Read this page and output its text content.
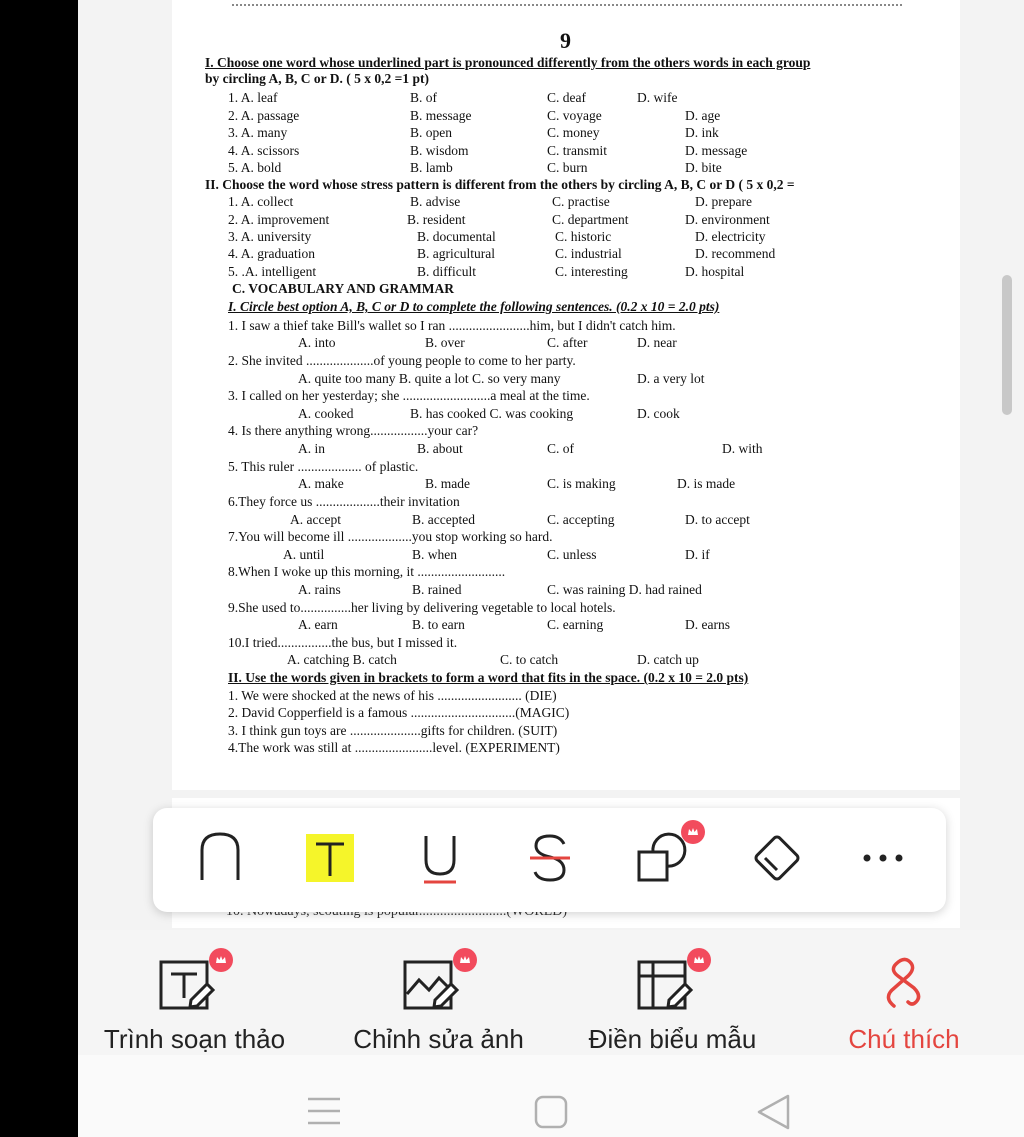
9
I. Choose one word whose underlined part is pronounced differently from the others words in each group
by circling A, B, C or D. ( 5 x 0,2 =1 pt)
1. A. leaf	B. of	C. deaf	D. wife
2. A. passage	B. message	C. voyage	D. age
3. A. many	B. open	C. money	D. ink
4. A. scissors	B. wisdom	C. transmit	D. message
5. A. bold	B. lamb	C. burn	D. bite
II. Choose the word whose stress pattern is different from the others by circling A, B, C or D ( 5 x 0,2 =
1. A. collect	B. advise	C. practise	D. prepare
2. A. improvement	B. resident	C. department	D. environment
3. A. university	B. documental	C. historic	D. electricity
4. A. graduation	B. agricultural	C. industrial	D. recommend
5. .A. intelligent	B. difficult	C. interesting	D. hospital
C. VOCABULARY AND GRAMMAR
I. Circle best option A, B, C or D to complete the following sentences. (0.2 x 10 = 2.0 pts)
1. I saw a thief take Bill's wallet so I ran ........................him, but I didn't catch him.
A. into	B. over	C. after	D. near
2. She invited ....................of young people to come to her party.
A. quite too many B. quite a lot C. so very many	D. a very lot
3. I called on her yesterday; she ..........................a meal at the time.
A. cooked	B. has cooked C. was cooking	D. cook
4. Is there anything wrong.................your car?
A. in	B. about	C. of	D. with
5. This ruler ................... of plastic.
A. make	B. made	C. is making	D. is made
6.They force us ...................their invitation
A. accept	B. accepted	C. accepting	D. to accept
7.You will become ill ...................you stop working so hard.
A. until	B. when	C. unless	D. if
8.When I woke up this morning, it ..........................
A. rains	B. rained	C. was raining D. had rained
9.She used to...............her living by delivering vegetable to local hotels.
A. earn	B. to earn	C. earning	D. earns
10.I tried................the bus, but I missed it.
A. catching B. catch	C. to catch	D. catch up
II. Use the words given in brackets to form a word that fits in the space. (0.2 x 10 = 2.0 pts)
1. We were shocked at the news of his ......................... (DIE)
2. David Copperfield is a famous ...............................(MAGIC)
3. I think gun toys are .....................gifts for children. (SUIT)
4.The work was still at .......................level. (EXPERIMENT)
Trình soạn thảo	Chỉnh sửa ảnh Điền biểu mẫu	Chú thích
